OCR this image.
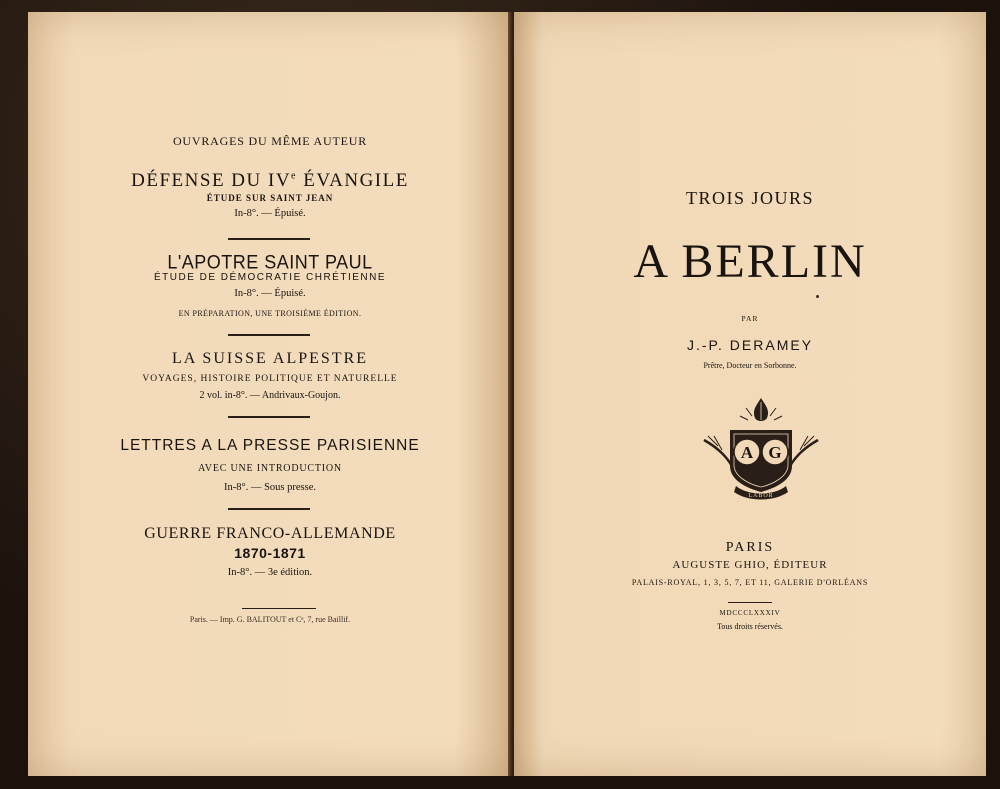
OUVRAGES DU MÊME AUTEUR
DÉFENSE DU IVe ÉVANGILE
ÉTUDE SUR SAINT JEAN
In-8°. — Épuisé.
L'APOTRE SAINT PAUL
ÉTUDE DE DÉMOCRATIE CHRÉTIENNE
In-8°. — Épuisé.
EN PRÉPARATION, UNE TROISIÈME ÉDITION.
LA SUISSE ALPESTRE
VOYAGES, HISTOIRE POLITIQUE ET NATURELLE
2 vol. in-8°. — Andrivaux-Goujon.
LETTRES A LA PRESSE PARISIENNE
AVEC UNE INTRODUCTION
In-8°. — Sous presse.
GUERRE FRANCO-ALLEMANDE
1870-1871
In-8°. — 3e édition.
Paris. — Imp. G. BALITOUT et Cᵉ, 7, rue Baillif.
TROIS JOURS
A BERLIN
PAR
J.-P. DERAMEY
Prêtre, Docteur en Sorbonne.
A G
LABOR
PARIS
AUGUSTE GHIO, ÉDITEUR
PALAIS-ROYAL, 1, 3, 5, 7, ET 11, GALERIE D'ORLÉANS
MDCCCLXXXIV
Tous droits réservés.
